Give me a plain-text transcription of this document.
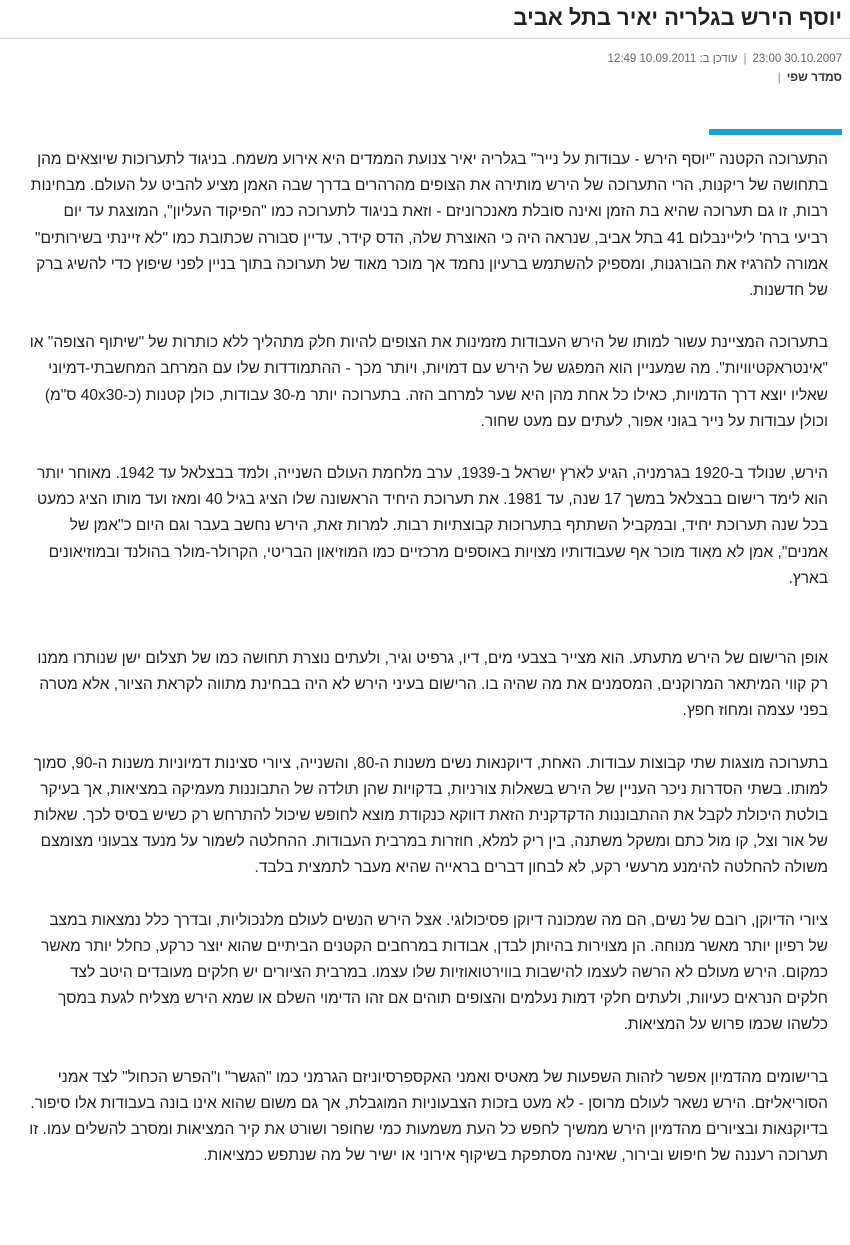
יוסף הירש בגלריה יאיר בתל אביב
30.10.2007 23:00|עודכן ב: 10.09.2011 12:49
סמדר שפי|

התערוכה הקטנה "יוסף הירש - עבודות על נייר" בגלריה יאיר צנועת הממדים היא אירוע משמח. בניגוד לתערוכות שיוצאים מהן בתחושה של ריקנות, הרי התערוכה של הירש מותירה את הצופים מהרהרים בדרך שבה האמן מציע להביט על העולם. מבחינות רבות, זו גם תערוכה שהיא בת הזמן ואינה סובלת מאנכרוניזם - וזאת בניגוד לתערוכה כמו "הפיקוד העליון", המוצגת עד יום רביעי ברח' ליליינבלום 41 בתל אביב, שנראה היה כי האוצרת שלה, הדס קידר, עדיין סבורה שכתובת כמו "לא זיינתי בשירותים" אמורה להרגיז את הבורגנות, ומספיק להשתמש ברעיון נחמד אך מוכר מאוד של תערוכה בתוך בניין לפני שיפוץ כדי להשיג ברק של חדשנות.

בתערוכה המציינת עשור למותו של הירש העבודות מזמינות את הצופים להיות חלק מתהליך ללא כותרות של "שיתוף הצופה" או "אינטראקטיוויות". מה שמעניין הוא המפגש של הירש עם דמויות, ויותר מכך - ההתמודדות שלו עם המרחב המחשבתי-דמיוני שאליו יוצא דרך הדמויות, כאילו כל אחת מהן היא שער למרחב הזה. בתערוכה יותר מ-30 עבודות, כולן קטנות (כ-40x30 ס"מ) וכולן עבודות על נייר בגוני אפור, לעתים עם מעט שחור.

הירש, שנולד ב-1920 בגרמניה, הגיע לארץ ישראל ב-1939, ערב מלחמת העולם השנייה, ולמד בבצלאל עד 1942. מאוחר יותר הוא לימד רישום בבצלאל במשך 17 שנה, עד 1981. את תערוכת היחיד הראשונה שלו הציג בגיל 40 ומאז ועד מותו הציג כמעט בכל שנה תערוכת יחיד, ובמקביל השתתף בתערוכות קבוצתיות רבות. למרות זאת, הירש נחשב בעבר וגם היום כ"אמן של אמנים", אמן לא מאוד מוכר אף שעבודותיו מצויות באוספים מרכזיים כמו המוזיאון הבריטי, הקרולר-מולר בהולנד ובמוזיאונים בארץ.

אופן הרישום של הירש מתעתע. הוא מצייר בצבעי מים, דיו, גרפיט וגיר, ולעתים נוצרת תחושה כמו של תצלום ישן שנותרו ממנו רק קווי המיתאר המרוקנים, המסמנים את מה שהיה בו. הרישום בעיני הירש לא היה בבחינת מתווה לקראת הציור, אלא מטרה בפני עצמה ומחוז חפץ.

בתערוכה מוצגות שתי קבוצות עבודות. האחת, דיוקנאות נשים משנות ה-80, והשנייה, ציורי סצינות דמיוניות משנות ה-90, סמוך למותו. בשתי הסדרות ניכר העניין של הירש בשאלות צורניות, בדקויות שהן תולדה של התבוננות מעמיקה במציאות, אך בעיקר בולטת היכולת לקבל את ההתבוננות הדקדקנית הזאת דווקא כנקודת מוצא לחופש שיכול להתרחש רק כשיש בסיס לכך. שאלות של אור וצל, קו מול כתם ומשקל משתנה, בין ריק למלא, חוזרות במרבית העבודות. ההחלטה לשמור על מנעד צבעוני מצומצם משולה להחלטה להימנע מרעשי רקע, לא לבחון דברים בראייה שהיא מעבר לתמצית בלבד.

ציורי הדיוקן, רובם של נשים, הם מה שמכונה דיוקן פסיכולוגי. אצל הירש הנשים לעולם מלנכוליות, ובדרך כלל נמצאות במצב של רפיון יותר מאשר מנוחה. הן מצוירות בהיותן לבדן, אבודות במרחבים הקטנים הביתיים שהוא יוצר כרקע, כחלל יותר מאשר כמקום. הירש מעולם לא הרשה לעצמו להישבות בווירטואוזיות שלו עצמו. במרבית הציורים יש חלקים מעובדים היטב לצד חלקים הנראים כעיוות, ולעתים חלקי דמות נעלמים והצופים תוהים אם זהו הדימוי השלם או שמא הירש מצליח לגעת במסך כלשהו שכמו פרוש על המציאות.

ברישומים מהדמיון אפשר לזהות השפעות של מאטיס ואמני האקספרסיוניזם הגרמני כמו "הגשר" ו"הפרש הכחול" לצד אמני הסוריאליזם. הירש נשאר לעולם מרוסן - לא מעט בזכות הצבעוניות המוגבלת, אך גם משום שהוא אינו בונה בעבודות אלו סיפור. בדיוקנאות ובציורים מהדמיון הירש ממשיך לחפש כל העת משמעות כמי שחופר ושורט את קיר המציאות ומסרב להשלים עמו. זו תערוכה רעננה של חיפוש ובירור, שאינה מסתפקת בשיקוף אירוני או ישיר של מה שנתפש כמציאות.
